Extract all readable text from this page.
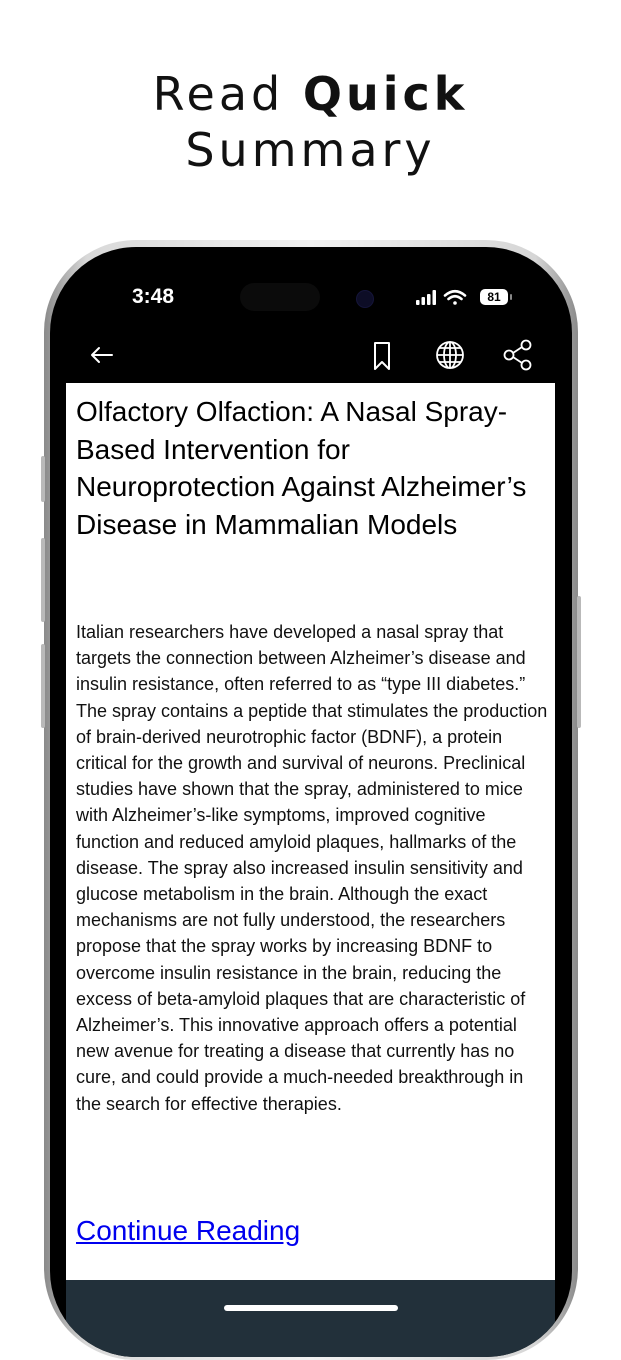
Read Quick
Summary
3:48	81
Olfactory Olfaction: A Nasal Spray-Based Intervention for Neuroprotection Against Alzheimer’s Disease in Mammalian Models

Italian researchers have developed a nasal spray that targets the connection between Alzheimer’s disease and insulin resistance, often referred to as “type III diabetes.” The spray contains a peptide that stimulates the production of brain-derived neurotrophic factor (BDNF), a protein critical for the growth and survival of neurons. Preclinical studies have shown that the spray, administered to mice with Alzheimer’s-like symptoms, improved cognitive function and reduced amyloid plaques, hallmarks of the disease. The spray also increased insulin sensitivity and glucose metabolism in the brain. Although the exact mechanisms are not fully understood, the researchers propose that the spray works by increasing BDNF to overcome insulin resistance in the brain, reducing the excess of beta-amyloid plaques that are characteristic of Alzheimer’s. This innovative approach offers a potential new avenue for treating a disease that currently has no cure, and could provide a much-needed breakthrough in the search for effective therapies.

Continue Reading
